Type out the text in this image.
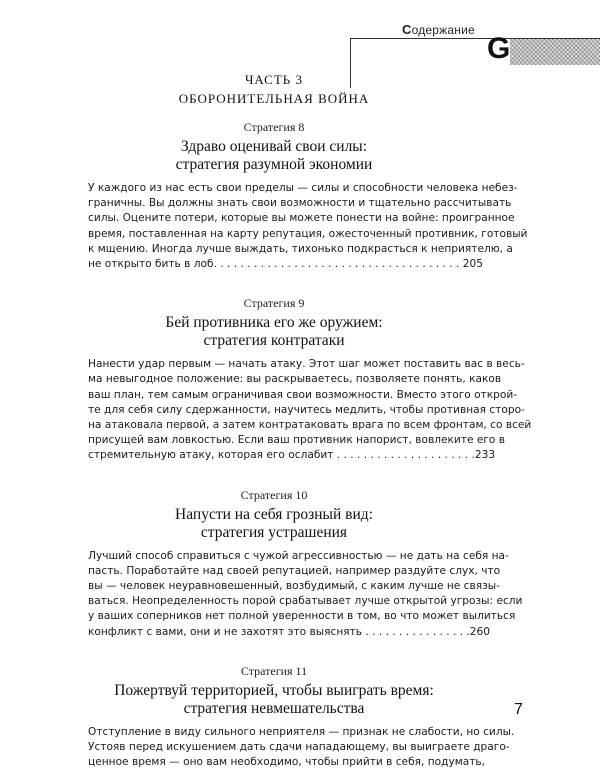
Содержание
G

ЧАСТЬ 3

ОБОРОНИТЕЛЬНАЯ ВОЙНА

Стратегия 8

Здраво оценивай свои силы:

стратегия разумной экономии

У каждого из нас есть свои пределы — силы и способности человека небез-
граничны. Вы должны знать свои возможности и тщательно рассчитывать
силы. Оцените потери, которые вы можете понести на войне: проигранное
время, поставленная на карту репутация, ожесточенный противник, готовый
к мщению. Иногда лучше выждать, тихонько подкрасться к неприятелю, а
не открыто бить в лоб. . . . . . . . . . . . . . . . . . . . . . . . . . . . . . . . . . . . . 205

Стратегия 9

Бей противника его же оружием:

стратегия контратаки

Нанести удар первым — начать атаку. Этот шаг может поставить вас в весь-
ма невыгодное положение: вы раскрываетесь, позволяете понять, каков
ваш план, тем самым ограничивая свои возможности. Вместо этого открой-
те для себя силу сдержанности, научитесь медлить, чтобы противная сторо-
на атаковала первой, а затем контратаковать врага по всем фронтам, со всей
присущей вам ловкостью. Если ваш противник напорист, вовлеките его в
стремительную атаку, которая его ослабит . . . . . . . . . . . . . . . . . . . . .233

Стратегия 10

Напусти на себя грозный вид:

стратегия устрашения

Лучший способ справиться с чужой агрессивностью — не дать на себя на-
пасть. Поработайте над своей репутацией, например раздуйте слух, что
вы — человек неуравновешенный, возбудимый, с каким лучше не связы-
ваться. Неопределенность порой срабатывает лучше открытой угрозы: если
у ваших соперников нет полной уверенности в том, во что может вылиться
конфликт с вами, они и не захотят это выяснять . . . . . . . . . . . . . . . .260

Стратегия 11

Пожертвуй территорией, чтобы выиграть время:

стратегия невмешательства

Отступление в виду сильного неприятеля — признак не слабости, но силы.
Устояв перед искушением дать сдачи нападающему, вы выиграете драго-
ценное время — оно вам необходимо, чтобы прийти в себя, подумать,

7
